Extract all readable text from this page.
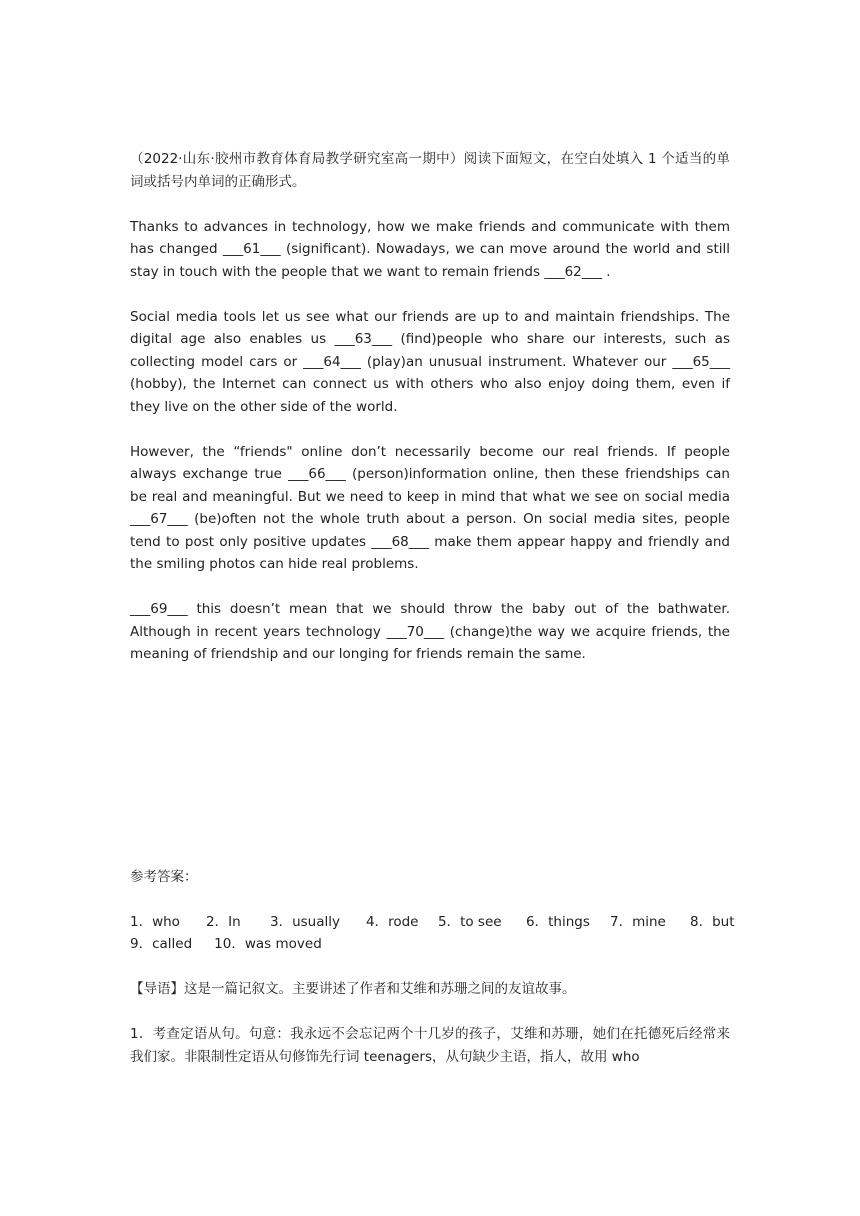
（2022·山东·胶州市教育体育局教学研究室高一期中）阅读下面短文，在空白处填入 1 个适当的单词或括号内单词的正确形式。

Thanks to advances in technology, how we make friends and communicate with them has changed ___61___ (significant). Nowadays, we can move around the world and still stay in touch with the people that we want to remain friends ___62___ .

Social media tools let us see what our friends are up to and maintain friendships. The digital age also enables us ___63___ (find)people who share our interests, such as collecting model cars or ___64___ (play)an unusual instrument. Whatever our ___65___ (hobby), the Internet can connect us with others who also enjoy doing them, even if they live on the other side of the world.

However, the “friends" online don’t necessarily become our real friends. If people always exchange true ___66___ (person)information online, then these friendships can be real and meaningful. But we need to keep in mind that what we see on social media ___67___ (be)often not the whole truth about a person. On social media sites, people tend to post only positive updates ___68___ make them appear happy and friendly and the smiling photos can hide real problems.

___69___ this doesn’t mean that we should throw the baby out of the bathwater. Although in recent years technology ___70___ (change)the way we acquire friends, the meaning of friendship and our longing for friends remain the same.

参考答案：

1．who	2．In	3．usually	4．rode	5．to see	6．things	7．mine	8．but
9．called 10．was moved

【导语】这是一篇记叙文。主要讲述了作者和艾维和苏珊之间的友谊故事。

1．考查定语从句。句意：我永远不会忘记两个十几岁的孩子，艾维和苏珊，她们在托德死后经常来我们家。非限制性定语从句修饰先行词 teenagers，从句缺少主语，指人，故用 who
